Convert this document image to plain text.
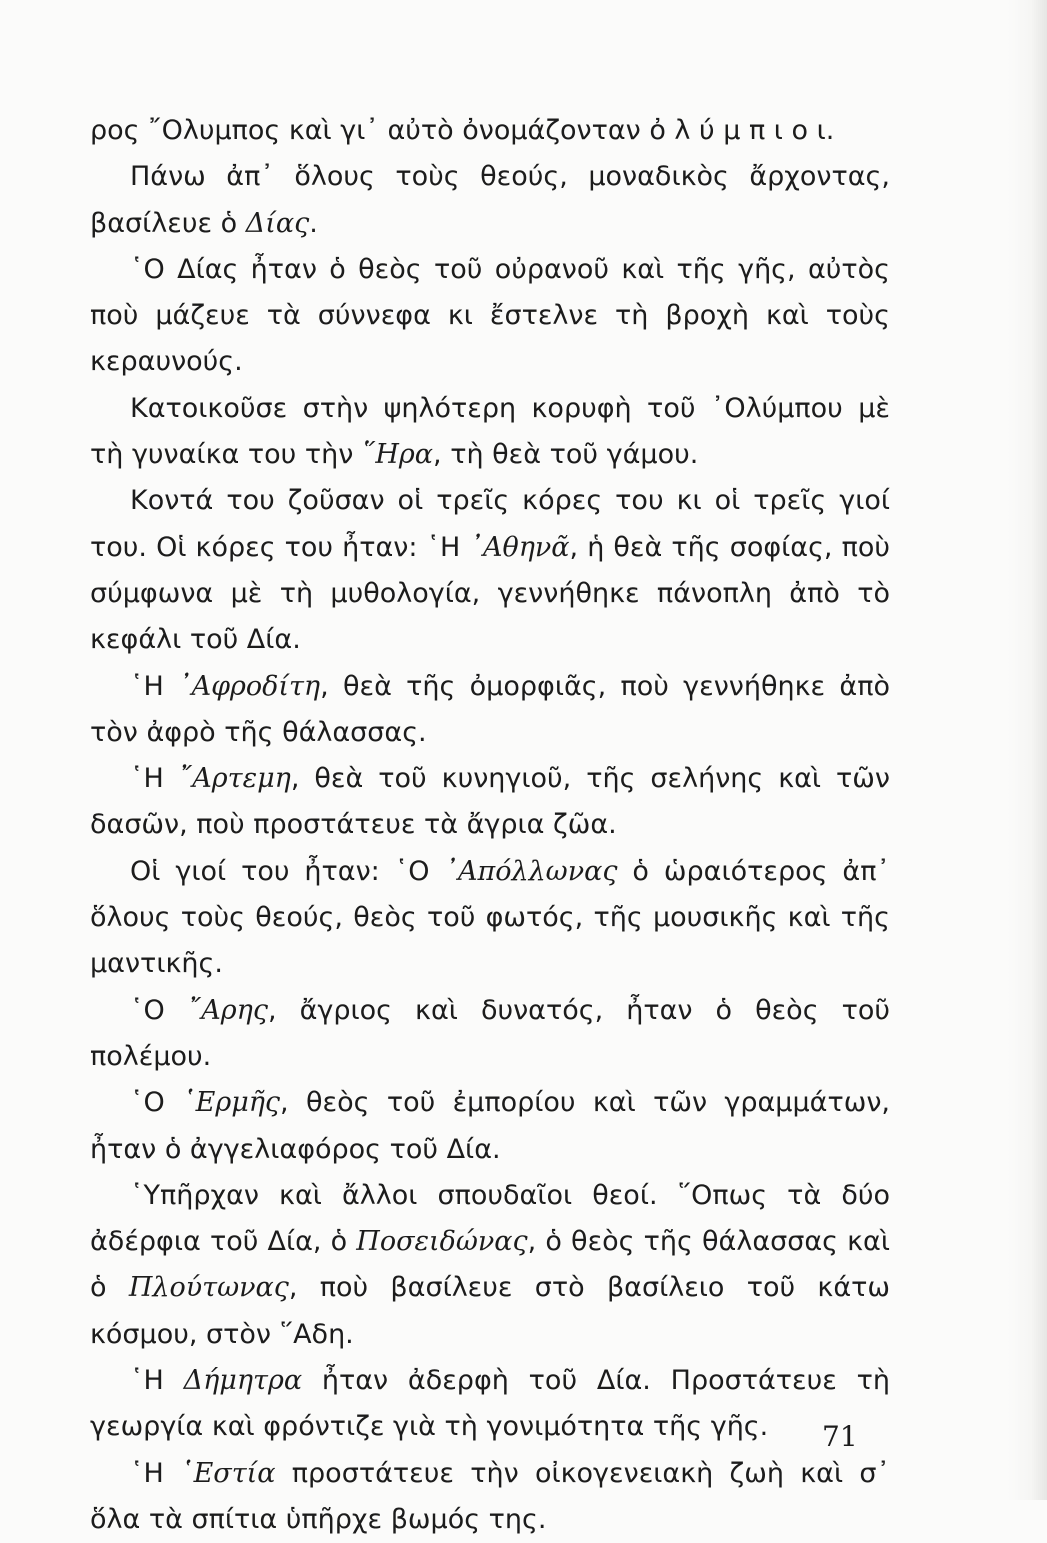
ρος ῎Ολυμπος καὶ γι᾽ αὐτὸ ὀνομάζονταν ὀ λ ύ μ π ι ο ι.

Πάνω ἀπ᾽ ὅλους τοὺς θεούς, μοναδικὸς ἄρχοντας, βασίλευε ὁ Δίας.

῾Ο Δίας ἦταν ὁ θεὸς τοῦ οὐρανοῦ καὶ τῆς γῆς, αὐτὸς ποὺ μάζευε τὰ σύννεφα κι ἔστελνε τὴ βροχὴ καὶ τοὺς κεραυνούς.

Κατοικοῦσε στὴν ψηλότερη κορυφὴ τοῦ ᾽Ολύμπου μὲ τὴ γυναίκα του τὴν ῞Ηρα, τὴ θεὰ τοῦ γάμου.

Κοντά του ζοῦσαν οἱ τρεῖς κόρες του κι οἱ τρεῖς γιοί του. Οἱ κόρες του ἦταν: ῾Η ᾽Αθηνᾶ, ἡ θεὰ τῆς σοφίας, ποὺ σύμφωνα μὲ τὴ μυθολογία, γεννήθηκε πάνοπλη ἀπὸ τὸ κεφάλι τοῦ Δία.

῾Η ᾽Αφροδίτη, θεὰ τῆς ὀμορφιᾶς, ποὺ γεννήθηκε ἀπὸ τὸν ἀφρὸ τῆς θάλασσας.

῾Η ῎Αρτεμη, θεὰ τοῦ κυνηγιοῦ, τῆς σελήνης καὶ τῶν δασῶν, ποὺ προστάτευε τὰ ἄγρια ζῶα.

Οἱ γιοί του ἦταν: ῾Ο ᾽Απόλλωνας ὁ ὡραιότερος ἀπ᾽ ὅλους τοὺς θεούς, θεὸς τοῦ φωτός, τῆς μουσικῆς καὶ τῆς μαντικῆς.

῾Ο ῎Αρης, ἄγριος καὶ δυνατός, ἦταν ὁ θεὸς τοῦ πολέμου.

῾Ο ῾Ερμῆς, θεὸς τοῦ ἐμπορίου καὶ τῶν γραμμάτων, ἦταν ὁ ἀγγελιαφόρος τοῦ Δία.

῾Υπῆρχαν καὶ ἄλλοι σπουδαῖοι θεοί. ῞Οπως τὰ δύο ἀδέρφια τοῦ Δία, ὁ Ποσειδώνας, ὁ θεὸς τῆς θάλασσας καὶ ὁ Πλούτωνας, ποὺ βασίλευε στὸ βασίλειο τοῦ κάτω κόσμου, στὸν ῞Αδη.

῾Η Δήμητρα ἦταν ἀδερφὴ τοῦ Δία. Προστάτευε τὴ γεωργία καὶ φρόντιζε γιὰ τὴ γονιμότητα τῆς γῆς.

῾Η ῾Εστία προστάτευε τὴν οἰκογενειακὴ ζωὴ καὶ σ᾽ ὅλα τὰ σπίτια ὑπῆρχε βωμός της.

71
